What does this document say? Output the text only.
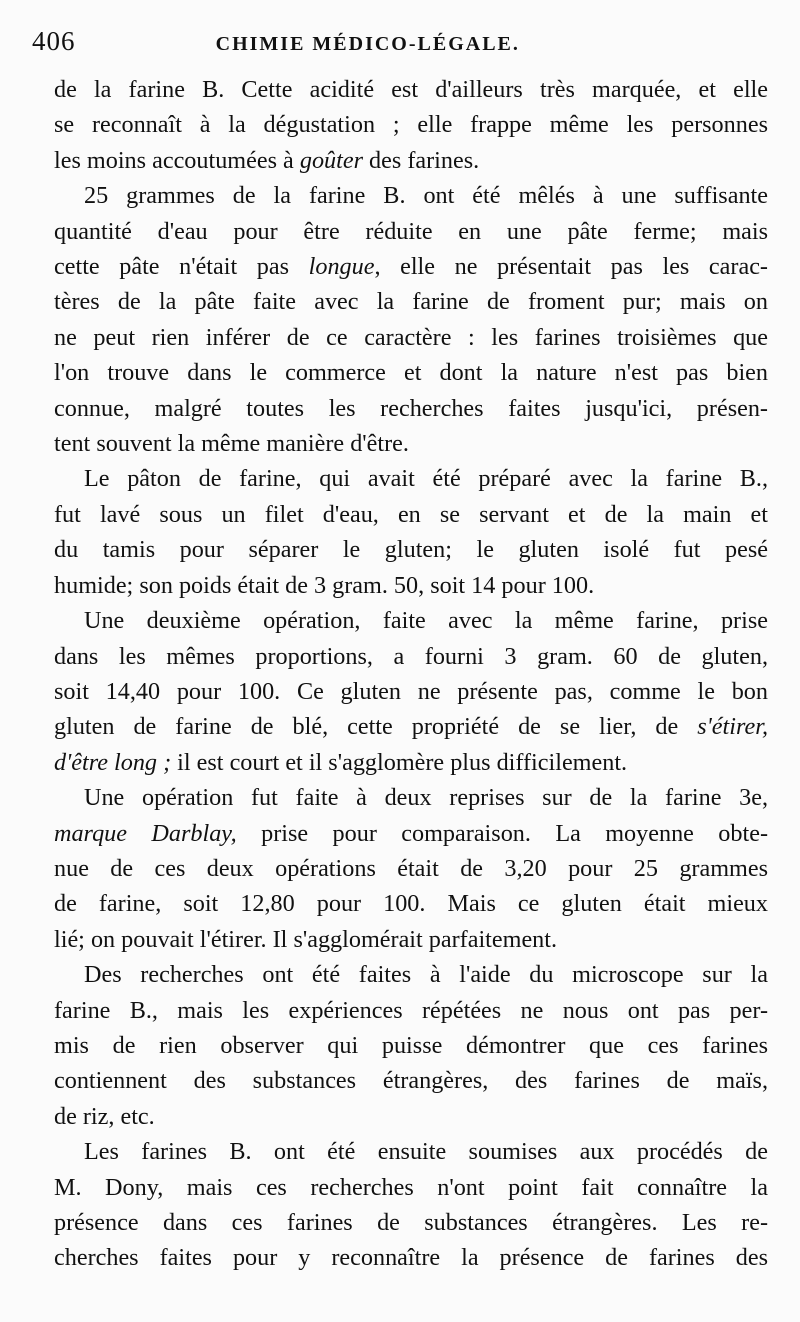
406	CHIMIE MÉDICO-LÉGALE.

de la farine B. Cette acidité est d'ailleurs très marquée, et elle
se reconnaît à la dégustation ; elle frappe même les personnes
les moins accoutumées à goûter des farines.

25 grammes de la farine B. ont été mêlés à une suffisante
quantité d'eau pour être réduite en une pâte ferme; mais
cette pâte n'était pas longue, elle ne présentait pas les carac-
tères de la pâte faite avec la farine de froment pur; mais on
ne peut rien inférer de ce caractère : les farines troisièmes que
l'on trouve dans le commerce et dont la nature n'est pas bien
connue, malgré toutes les recherches faites jusqu'ici, présen-
tent souvent la même manière d'être.

Le pâton de farine, qui avait été préparé avec la farine B.,
fut lavé sous un filet d'eau, en se servant et de la main et
du tamis pour séparer le gluten; le gluten isolé fut pesé
humide; son poids était de 3 gram. 50, soit 14 pour 100.

Une deuxième opération, faite avec la même farine, prise
dans les mêmes proportions, a fourni 3 gram. 60 de gluten,
soit 14,40 pour 100. Ce gluten ne présente pas, comme le bon
gluten de farine de blé, cette propriété de se lier, de s'étirer,
d'être long ; il est court et il s'agglomère plus difficilement.

Une opération fut faite à deux reprises sur de la farine 3e,
marque Darblay, prise pour comparaison. La moyenne obte-
nue de ces deux opérations était de 3,20 pour 25 grammes
de farine, soit 12,80 pour 100. Mais ce gluten était mieux
lié; on pouvait l'étirer. Il s'agglomérait parfaitement.

Des recherches ont été faites à l'aide du microscope sur la
farine B., mais les expériences répétées ne nous ont pas per-
mis de rien observer qui puisse démontrer que ces farines
contiennent des substances étrangères, des farines de maïs,
de riz, etc.

Les farines B. ont été ensuite soumises aux procédés de
M. Dony, mais ces recherches n'ont point fait connaître la
présence dans ces farines de substances étrangères. Les re-
cherches faites pour y reconnaître la présence de farines des
